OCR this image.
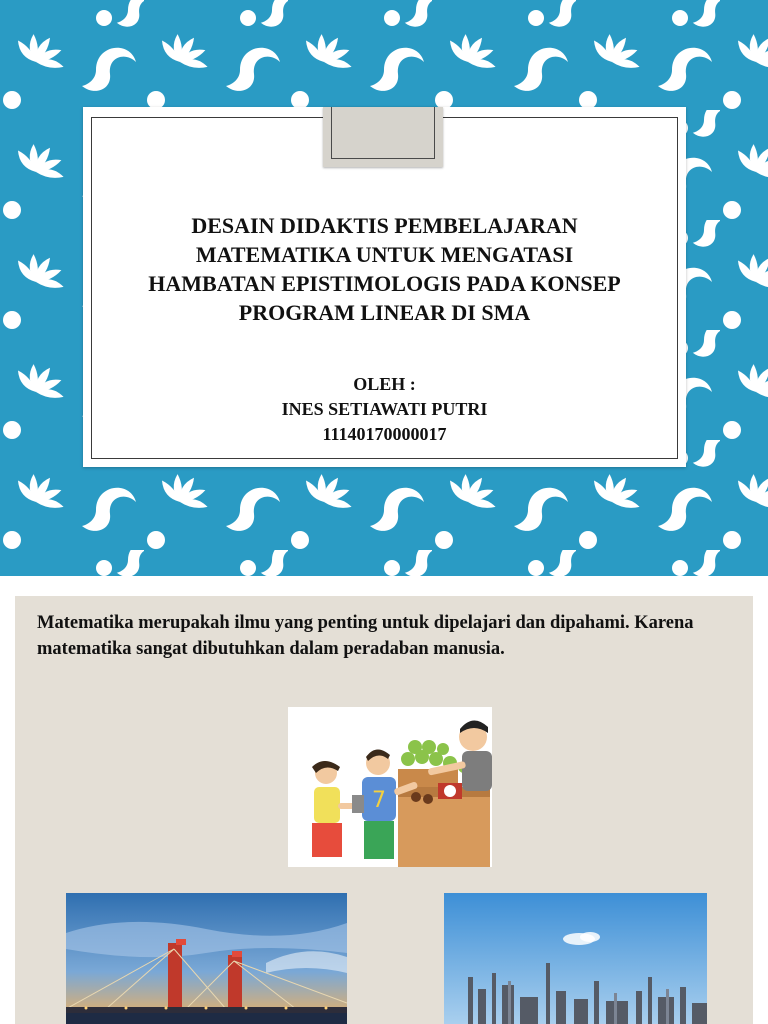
DESAIN DIDAKTIS PEMBELAJARAN
MATEMATIKA UNTUK MENGATASI
HAMBATAN EPISTIMOLOGIS PADA KONSEP
PROGRAM LINEAR DI SMA
OLEH :
INES SETIAWATI PUTRI
11140170000017
Matematika merupakah ilmu yang penting untuk dipelajari dan dipahami. Karena matematika sangat dibutuhkan dalam peradaban manusia.
7
